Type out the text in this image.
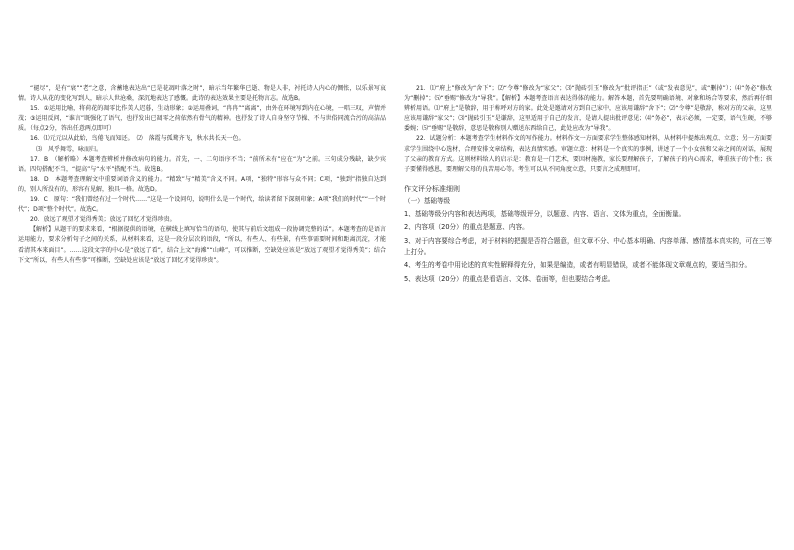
“褪尽”，是有“衰”“老”之意，含蓄地表达出“已是花凋叶落之时”，暗示当年繁华已逝、物是人非，衬托诗人内心的惆怅，以乐景写哀情。诗人从花的变化写到人，暗示人世沧桑，深沉地表达了感慨。此诗的表达效果主要是托物言志。故选B。

15．①运用比喻，将荷花的凋零比作美人迟暮，生动形象；②运用叠词，“冉冉”“离离”，由外在环境写到内在心境，一唱三叹，声情并茂；③运用反问，“谁言”既强化了语气，也抒发出已凋零之荷依然有骨气的精神。也抒发了诗人自身坚守节操、不与世俗同流合污的高洁品质。（每点2分，答出任意两点即可）

16．⑴元元以从此始，鸟倦飞而知还。　⑵　落霞与孤鹜齐飞，秋水共长天一色。

　⑶　风乎舞雩，咏而归。

17．B　（解析略）本题考查辨析并修改病句的能力。首先，一、二句语序不当；“前所未有”应在“为”之前。三句成分残缺，缺少宾语。四句搭配不当，“提高”与“水平”搭配不当。故选B。

18．D　本题考查理解文中重要词语含义的能力。“精致”与“精美”含义不同。A项，“独特”形容与众不同；C项，“独到”指独自达到的，别人所没有的，形容有见解，独具一格。故选D。

19．C　原句：“我们曾经有过一个时代……”这是一个设问句，说明什么是一个时代，给读者留下深刻印象；A项“我们的时代”“一个时代”；D项“整个时代”。故选C。

20．放远了观望才觉得秀美；放远了回忆才觉得珍贵。

【解析】从题干的要求来看，“根据提供的语境，在横线上填写恰当的语句，使其与前后文组成一段协调完整的话”。本题考查的是语言运用能力，要求分析句子之间的关系，从材料来看，这是一段分层次的语段，“所以，有些人、有些景，有些事需要时间和距离沉淀，才能看清其本来面目”。……这段文字的中心是“放远了看”，结合上文“海滩”“山峰”，可以推断，空缺处应该是“放远了观望才觉得秀美”；结合下文“所以，有些人有些事”可推断，空缺处应该是“放远了回忆才觉得珍贵”。

21．⑴“府上”修改为“舍下”；⑵“令尊”修改为“家父”；⑶“抛砖引玉”修改为“批评指正”（或“发表意见”，或“删掉”）；⑷“务必”修改为“删掉”；⑸“垂赐”修改为“导我”。【解析】本题考查语言表达得体的能力。解答本题，首先要明确语境、对象和场合等要求，然后再仔细辨析用语。⑴“府上”是敬辞，用于称呼对方的家。此处是邀请对方到自己家中，应该用谦辞“舍下”；⑵“令尊”是敬辞，称对方的父亲，这里应该用谦辞“家父”；⑶“抛砖引玉”是谦辞，这里适用于自己的发言，是请人提出批评意见；⑷“务必”，表示必须，一定要，语气生硬，不够委婉；⑸“垂赐”是敬辞，意思是敬称别人赠送东西给自己，此处应改为“导我”。

22．试题分析：本题考查学生材料作文的写作能力。材料作文一方面要求学生整体感知材料，从材料中提炼出观点、立意；另一方面要求学生围绕中心选材，合理安排文章结构，表达真情实感。审题立意：材料是一个真实的事例，讲述了一个小女孩和父亲之间的对话，展现了父亲的教育方式。这则材料给人的启示是：教育是一门艺术，要因材施教，家长要理解孩子，了解孩子的内心需求，尊重孩子的个性；孩子要懂得感恩，要理解父母的良苦用心等。考生可以从不同角度立意，只要言之成理即可。

作文评分标准细则

（一）基础等级

1、基础等级分内容和表达两项，基础等级评分，以题意、内容、语言、文体为重点，全面衡量。

2、内容项（20分）的重点是题意、内容。

3、对于内容要综合考虑，对于材料的把握是否符合题意，但文章不分、中心基本明确、内容单薄、感情基本真实的，可在三等上打分。

4、考生的考卷中用论述的真实性解释得充分，如果是编造，或者有明显错误，或者不能体现文章观点的，要适当扣分。

5、表达项（20分）的重点是看语言、文体、卷面等，但也要结合考虑。
